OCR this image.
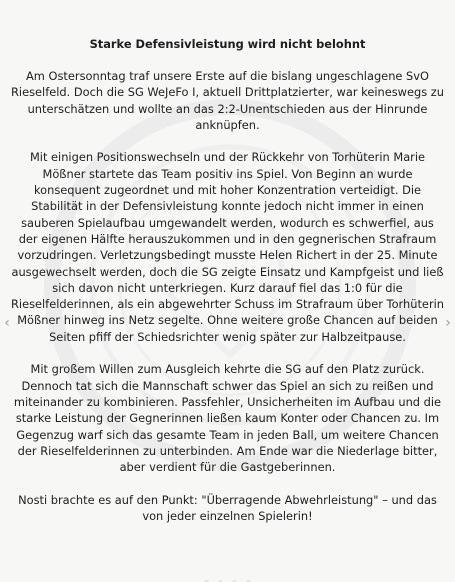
Starke Defensivleistung wird nicht belohnt

Am Ostersonntag traf unsere Erste auf die bislang ungeschlagene SvO Rieselfeld. Doch die SG WeJeFo I, aktuell Drittplatzierter, war keineswegs zu unterschätzen und wollte an das 2:2-Unentschieden aus der Hinrunde anknüpfen.

Mit einigen Positionswechseln und der Rückkehr von Torhüterin Marie Mößner startete das Team positiv ins Spiel. Von Beginn an wurde konsequent zugeordnet und mit hoher Konzentration verteidigt. Die Stabilität in der Defensivleistung konnte jedoch nicht immer in einen sauberen Spielaufbau umgewandelt werden, wodurch es schwerfiel, aus der eigenen Hälfte herauszukommen und in den gegnerischen Strafraum vorzudringen. Verletzungsbedingt musste Helen Richert in der 25. Minute ausgewechselt werden, doch die SG zeigte Einsatz und Kampfgeist und ließ sich davon nicht unterkriegen. Kurz darauf fiel das 1:0 für die Rieselfelderinnen, als ein abgewehrter Schuss im Strafraum über Torhüterin Mößner hinweg ins Netz segelte. Ohne weitere große Chancen auf beiden Seiten pfiff der Schiedsrichter wenig später zur Halbzeitpause.

Mit großem Willen zum Ausgleich kehrte die SG auf den Platz zurück. Dennoch tat sich die Mannschaft schwer das Spiel an sich zu reißen und miteinander zu kombinieren. Passfehler, Unsicherheiten im Aufbau und die starke Leistung der Gegnerinnen ließen kaum Konter oder Chancen zu. Im Gegenzug warf sich das gesamte Team in jeden Ball, um weitere Chancen der Rieselfelderinnen zu unterbinden. Am Ende war die Niederlage bitter, aber verdient für die Gastgeberinnen.

Nosti brachte es auf den Punkt: "Überragende Abwehrleistung" – und das von jeder einzelnen Spielerin!

‹	›
